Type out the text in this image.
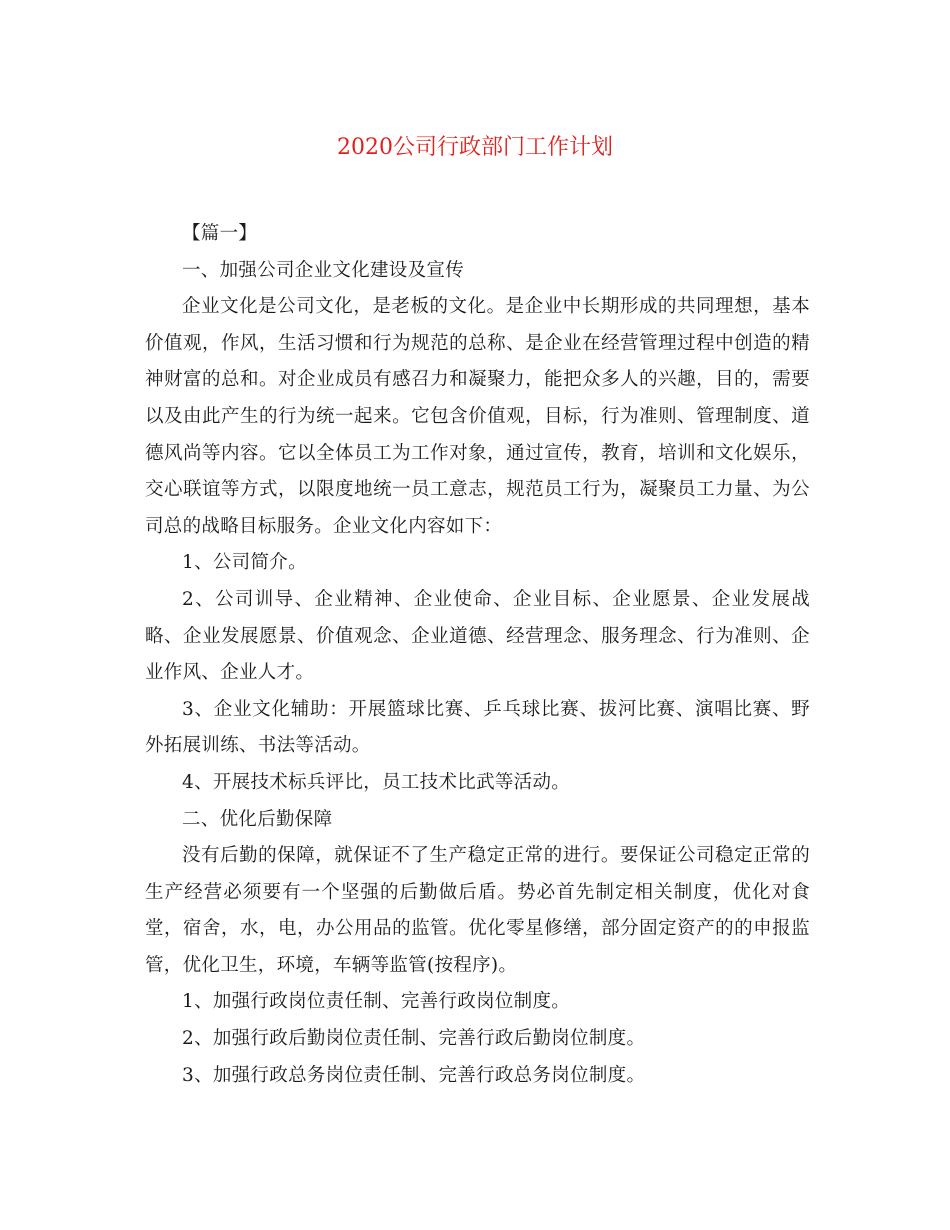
2020公司行政部门工作计划

【篇一】

一、加强公司企业文化建设及宣传

企业文化是公司文化，是老板的文化。是企业中长期形成的共同理想，基本价值观，作风，生活习惯和行为规范的总称、是企业在经营管理过程中创造的精神财富的总和。对企业成员有感召力和凝聚力，能把众多人的兴趣，目的，需要以及由此产生的行为统一起来。它包含价值观，目标，行为准则、管理制度、道德风尚等内容。它以全体员工为工作对象，通过宣传，教育，培训和文化娱乐，交心联谊等方式，以限度地统一员工意志，规范员工行为，凝聚员工力量、为公司总的战略目标服务。企业文化内容如下：

1、公司简介。

2、公司训导、企业精神、企业使命、企业目标、企业愿景、企业发展战略、企业发展愿景、价值观念、企业道德、经营理念、服务理念、行为准则、企业作风、企业人才。

3、企业文化辅助：开展篮球比赛、乒乓球比赛、拔河比赛、演唱比赛、野外拓展训练、书法等活动。

4、开展技术标兵评比，员工技术比武等活动。

二、优化后勤保障

没有后勤的保障，就保证不了生产稳定正常的进行。要保证公司稳定正常的生产经营必须要有一个坚强的后勤做后盾。势必首先制定相关制度，优化对食堂，宿舍，水，电，办公用品的监管。优化零星修缮，部分固定资产的的申报监管，优化卫生，环境，车辆等监管(按程序)。

1、加强行政岗位责任制、完善行政岗位制度。

2、加强行政后勤岗位责任制、完善行政后勤岗位制度。

3、加强行政总务岗位责任制、完善行政总务岗位制度。
